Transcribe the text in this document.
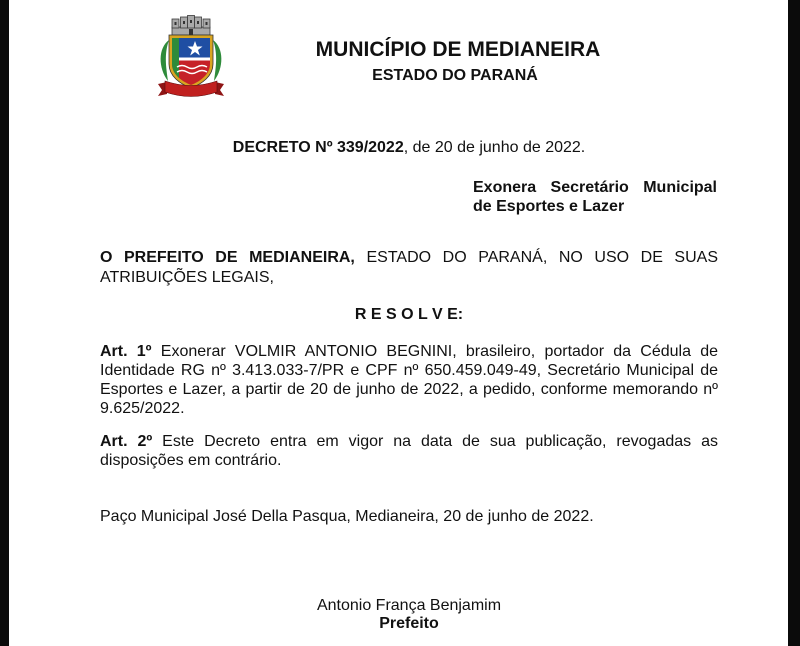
MUNICÍPIO DE MEDIANEIRA
ESTADO DO PARANÁ
DECRETO Nº 339/2022, de 20 de junho de 2022.
Exonera Secretário Municipal de Esportes e Lazer
O PREFEITO DE MEDIANEIRA, ESTADO DO PARANÁ, NO USO DE SUAS ATRIBUIÇÕES LEGAIS,
R E S O L V E:
Art. 1º Exonerar VOLMIR ANTONIO BEGNINI, brasileiro, portador da Cédula de Identidade RG nº 3.413.033-7/PR e CPF nº 650.459.049-49, Secretário Municipal de Esportes e Lazer, a partir de 20 de junho de 2022, a pedido, conforme memorando nº 9.625/2022.
Art. 2º Este Decreto entra em vigor na data de sua publicação, revogadas as disposições em contrário.
Paço Municipal José Della Pasqua, Medianeira, 20 de junho de 2022.
Antonio França Benjamim
Prefeito
